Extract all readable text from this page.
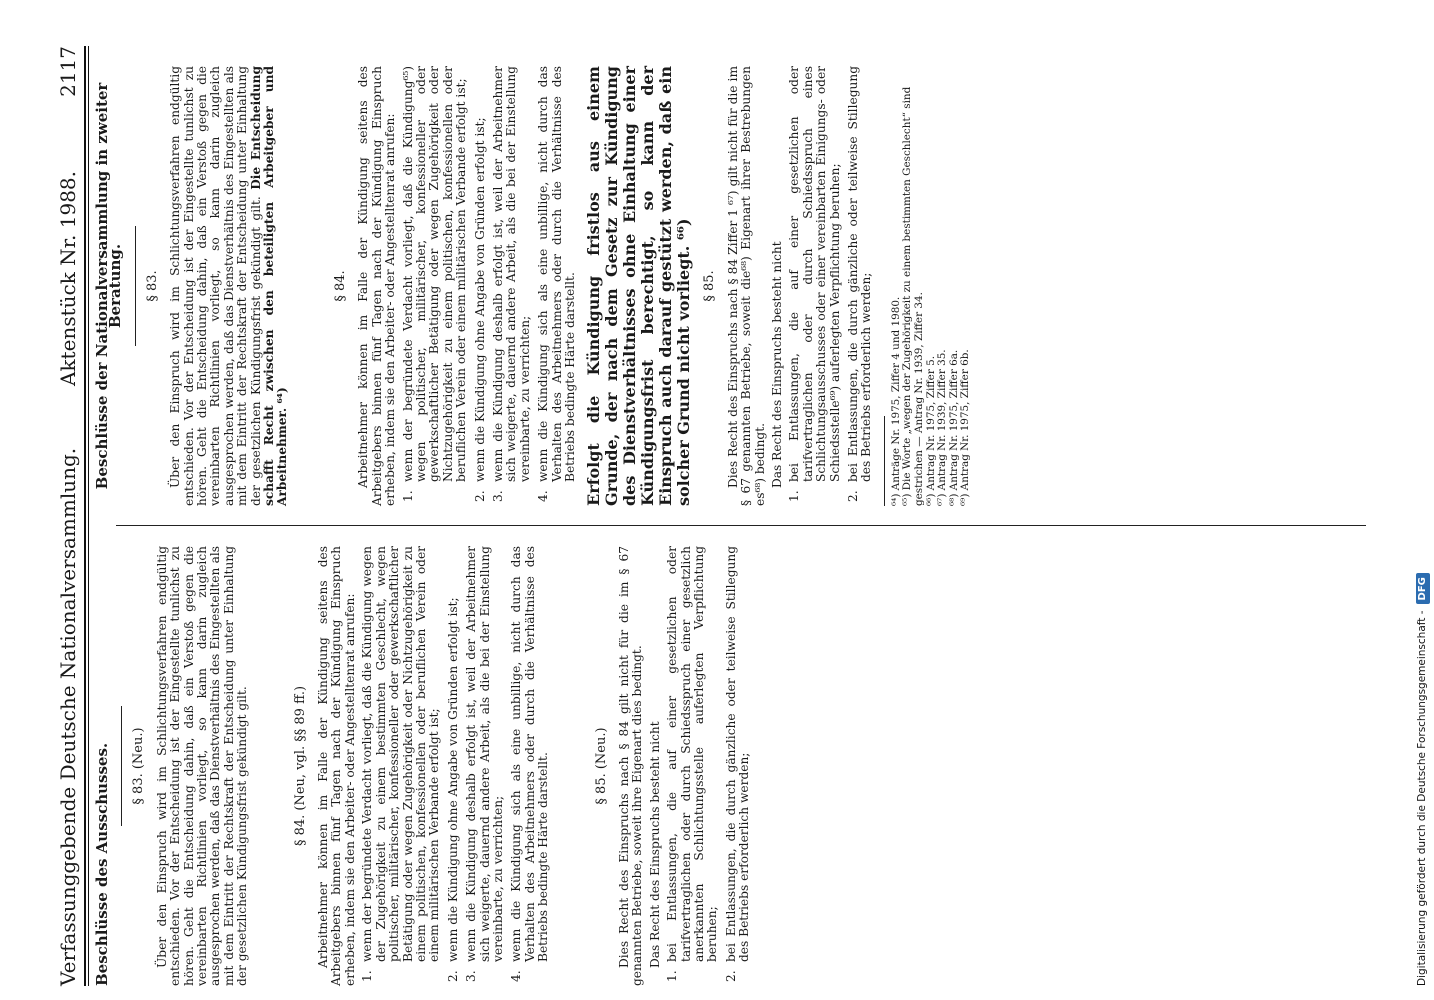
Verfassunggebende Deutsche Nationalversammlung.
Aktenstück Nr. 1988.
2117
Beschlüsse des Ausschusses. § 83. (Neu.) Über den Einspruch wird im Schlichtungsverfahren endgültig entschieden. Vor der Entscheidung ist der Eingestellte tunlichst zu hören. Geht die Entscheidung dahin, daß ein Verstoß gegen die vereinbarten Richtlinien vorliegt, so kann darin zugleich ausgesprochen werden, daß das Dienstverhältnis des Eingestellten als mit dem Eintritt der Rechtskraft der Entscheidung unter Einhaltung der gesetzlichen Kündigungsfrist gekündigt gilt.	§ 84. (Neu, vgl. §§ 89 ff.) Arbeitnehmer können im Falle der Kündigung seitens des Arbeitgebers binnen fünf Tagen nach der Kündigung Einspruch erheben, indem sie den Arbeiter- oder Angestelltenrat anrufen: 1.
wenn der begründete Verdacht vorliegt, daß die Kündigung wegen der Zugehörigkeit zu einem bestimmten Geschlecht, wegen politischer, militärischer, konfessioneller oder gewerkschaftlicher Betätigung oder wegen Zugehörigkeit oder Nichtzugehörigkeit zu einem politischen, konfessionellen oder beruflichen Verein oder einem militärischen Verbande erfolgt ist;
2.
wenn die Kündigung ohne Angabe von Gründen erfolgt ist;
3.
wenn die Kündigung deshalb erfolgt ist, weil der Arbeitnehmer sich weigerte, dauernd andere Arbeit, als die bei der Einstellung vereinbarte, zu verrichten;
4.
wenn die Kündigung sich als eine unbillige, nicht durch das Verhalten des Arbeitnehmers oder durch die Verhältnisse des Betriebs bedingte Härte darstellt.	§ 85. (Neu.) Dies Recht des Einspruchs nach § 84 gilt nicht für die im § 67 genannten Betriebe, soweit ihre Eigenart dies bedingt. Das Recht des Einspruchs besteht nicht

1.
bei Entlassungen, die auf einer gesetzlichen oder tarifvertraglichen oder durch Schiedsspruch einer gesetzlich anerkannten Schlichtungsstelle auferlegten Verpflichtung beruhen;
2.
bei Entlassungen, die durch gänzliche oder teilweise Stillegung des Betriebs erforderlich werden;
Beschlüsse der Nationalversammlung in zweiter Beratung. § 83. Über den Einspruch wird im Schlichtungsverfahren endgültig entschieden. Vor der Entscheidung ist der Eingestellte tunlichst zu hören. Geht die Entscheidung dahin, daß ein Verstoß gegen die vereinbarten Richtlinien vorliegt, so kann darin zugleich ausgesprochen werden, daß das Dienstverhältnis des Eingestellten als mit dem Eintritt der Rechtskraft der Entscheidung unter Einhaltung der gesetzlichen Kündigungsfrist gekündigt gilt. Die Entscheidung schafft Recht zwischen den beteiligten Arbeitgeber und Arbeitnehmer. ⁶⁴)

§ 84. Arbeitnehmer können im Falle der Kündigung seitens des Arbeitgebers binnen fünf Tagen nach der Kündigung Einspruch erheben, indem sie den Arbeiter- oder Angestelltenrat anrufen: 1.
wenn der begründete Verdacht vorliegt, daß die Kündigung⁶⁵) wegen politischer, militärischer, konfessioneller oder gewerkschaftlicher Betätigung oder wegen Zugehörigkeit oder Nichtzugehörigkeit zu einem politischen, konfessionellen oder beruflichen Verein oder einem militärischen Verbande erfolgt ist;
2.
wenn die Kündigung ohne Angabe von Gründen erfolgt ist;
3.
wenn die Kündigung deshalb erfolgt ist, weil der Arbeitnehmer sich weigerte, dauernd andere Arbeit, als die bei der Einstellung vereinbarte, zu verrichten;
4.
wenn die Kündigung sich als eine unbillige, nicht durch das Verhalten des Arbeitnehmers oder durch die Verhältnisse des Betriebs bedingte Härte darstellt. Erfolgt die Kündigung fristlos aus einem Grunde, der nach dem Gesetz zur Kündigung des Dienstverhältnisses ohne Einhaltung einer Kündigungsfrist berechtigt, so kann der Einspruch auch darauf gestützt werden, daß ein solcher Grund nicht vorliegt. ⁶⁶) § 85. Dies Recht des Einspruchs nach § 84 Ziffer 1 ⁶⁷) gilt nicht für die im § 67 genannten Betriebe, soweit die⁶⁸) Eigenart ihrer Bestrebungen es⁶⁸) bedingt. Das Recht des Einspruchs besteht nicht

1.
bei Entlassungen, die auf einer gesetzlichen oder tarifvertraglichen oder durch Schiedsspruch eines Schlichtungsausschusses oder einer vereinbarten Einigungs- oder Schiedsstelle⁶⁹) auferlegten Verpflichtung beruhen;
2.
bei Entlassungen, die durch gänzliche oder teilweise Stillegung des Betriebs erforderlich werden; ⁶⁴) Anträge Nr. 1975, Ziffer 4 und 1980. ⁶⁵) Die Worte „wegen der Zugehörigkeit zu einem bestimmten Geschlecht“ sind gestrichen — Antrag Nr. 1939, Ziffer 34. ⁶⁶) Antrag Nr. 1975, Ziffer 5. ⁶⁷) Antrag Nr. 1939, Ziffer 35. ⁶⁸) Antrag Nr. 1975, Ziffer 6a. ⁶⁹) Antrag Nr. 1975, Ziffer 6b.
Digitalisierung gefördert durch die Deutsche Forschungsgemeinschaft -DFG
